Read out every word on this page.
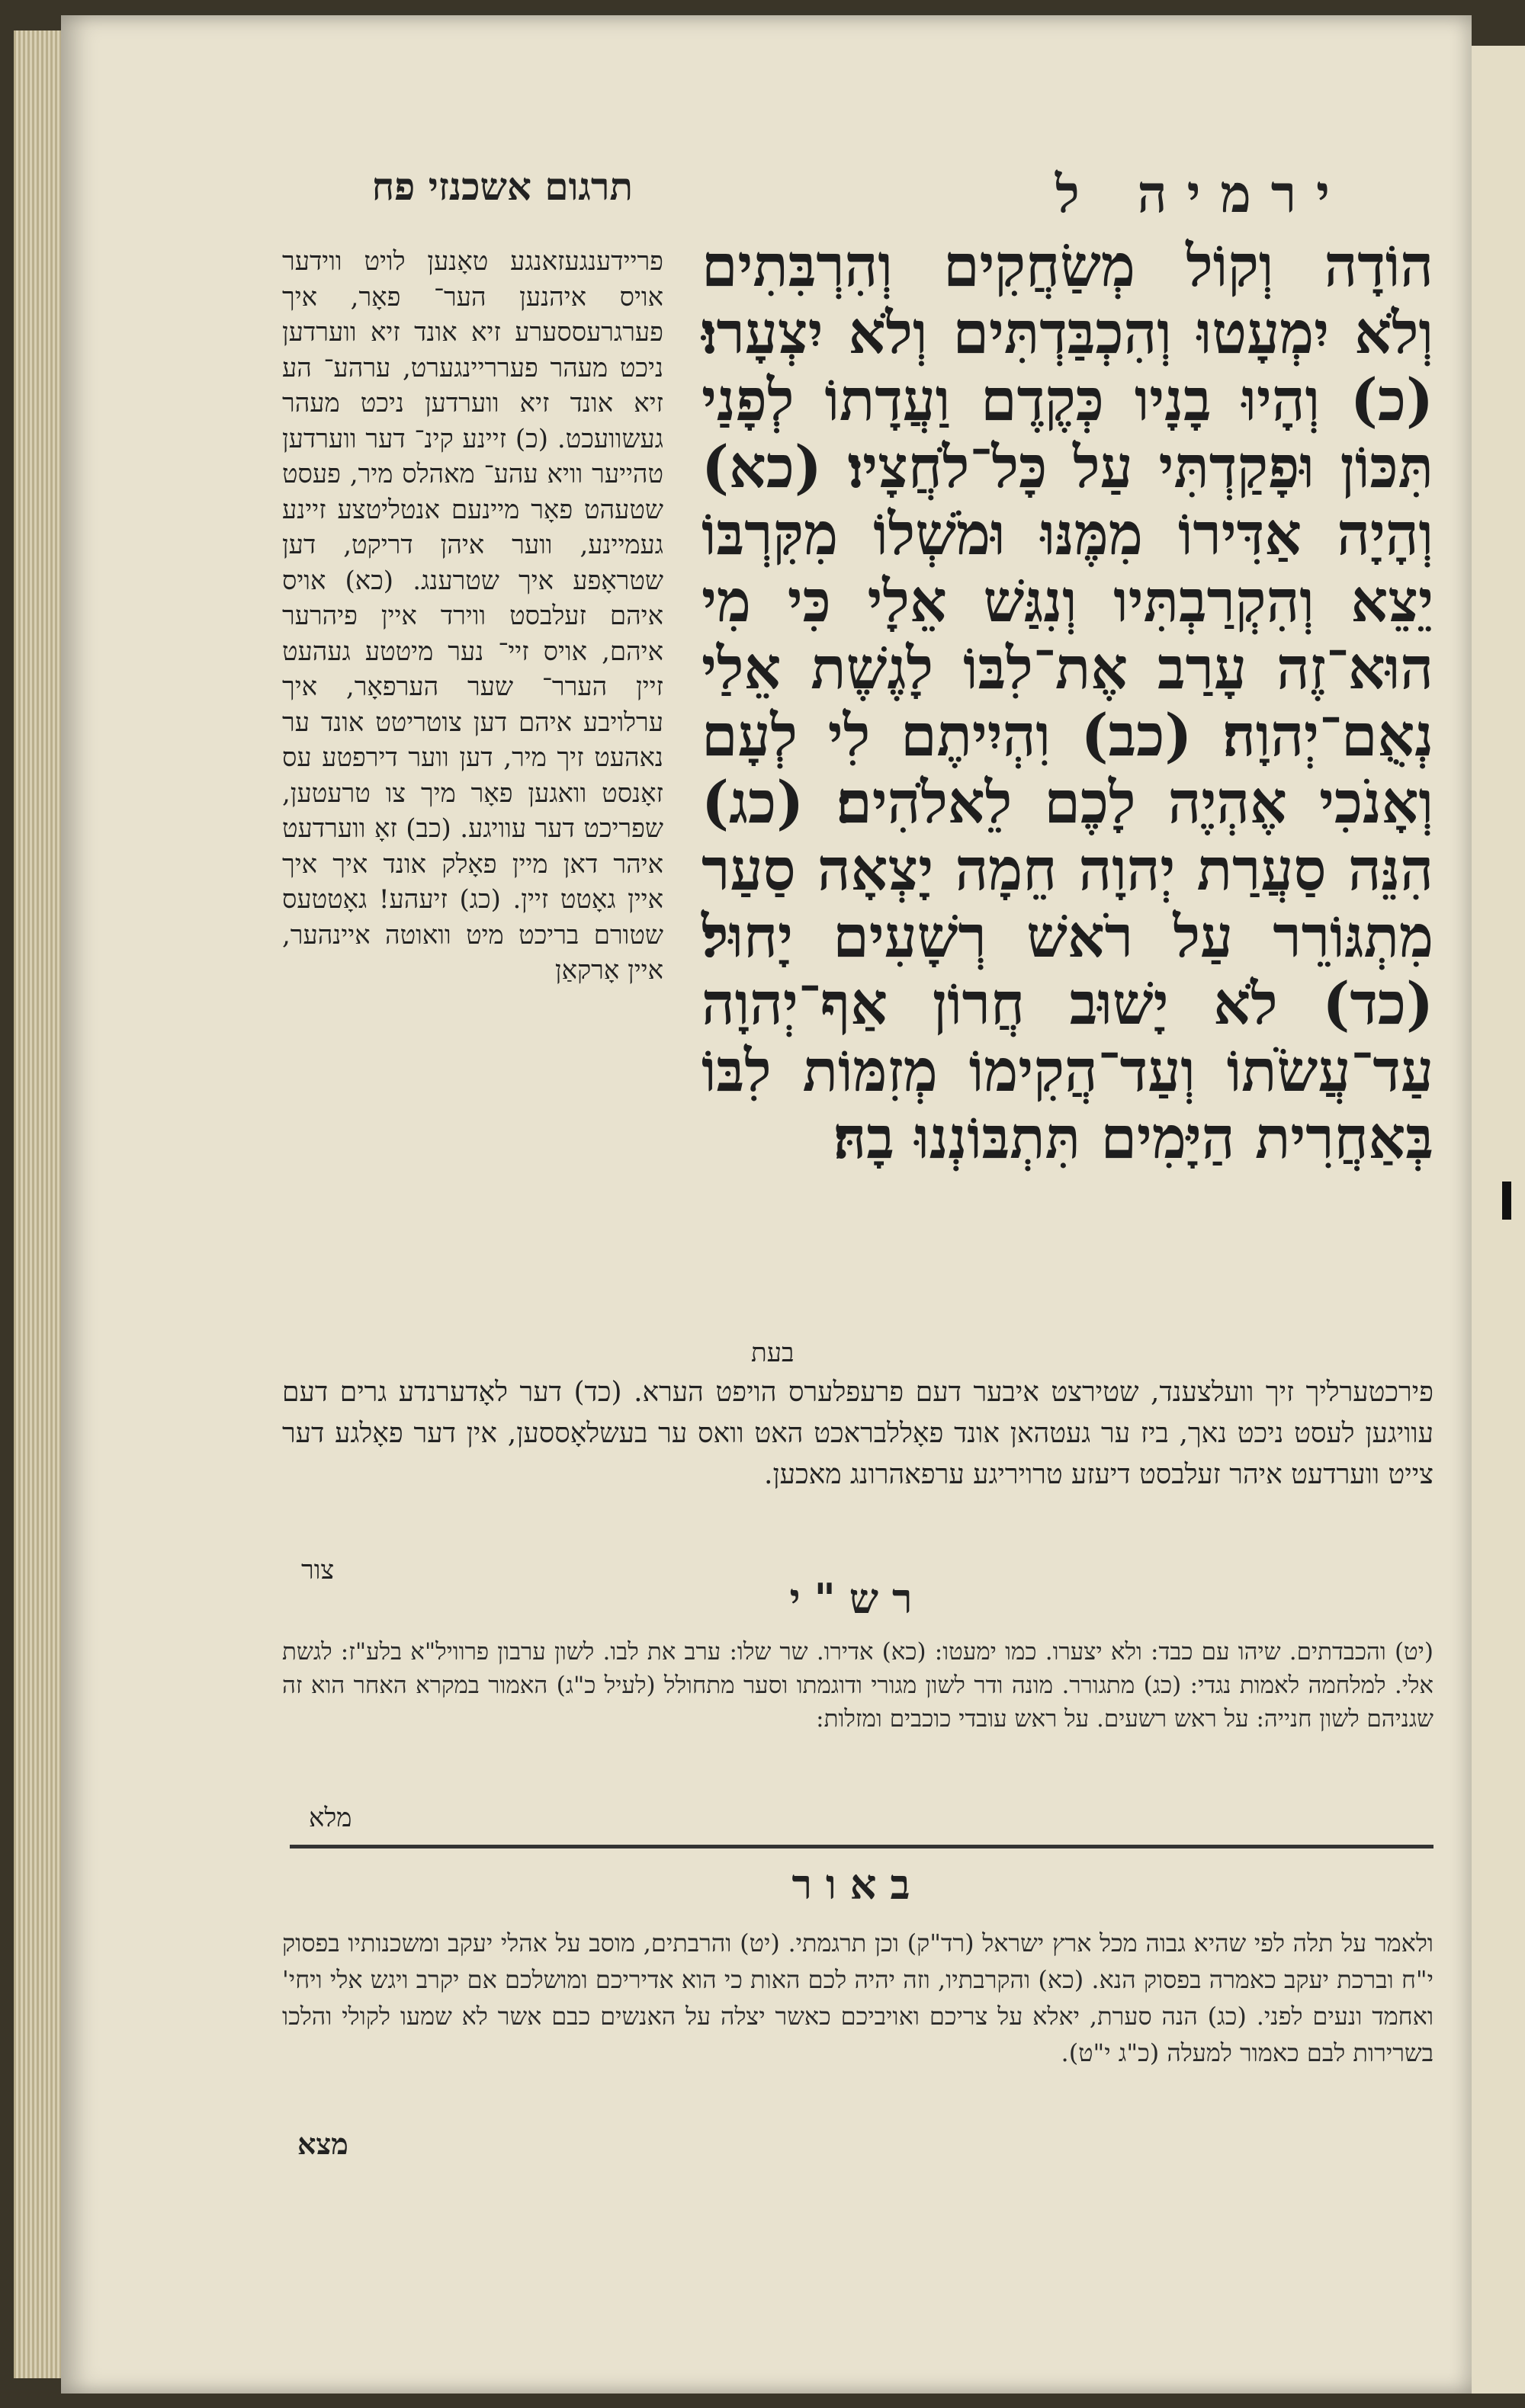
ירמיה ל
תרגום אשכנזי פח
הוֹדָה וְקוֹל מְשַׂחֲקִים וְהִרְבִּתִים וְלֹא יִמְעָטוּ וְהִכְבַּדְתִּים וְלֹא יִצְעָרוּ׃ (כ) וְהָיוּ בָנָיו כְּקֶדֶם וַעֲדָתוֹ לְפָנַי תִּכּוֹן וּפָקַדְתִּי עַל כָּל־לֹחֲצָיו׃ (כא) וְהָיָה אַדִּירוֹ מִמֶּנּוּ וּמֹשְׁלוֹ מִקִּרְבּוֹ יֵצֵא וְהִקְרַבְתִּיו וְנִגַּשׁ אֵלָי כִּי מִי הוּא־זֶה עָרַב אֶת־לִבּוֹ לָגֶשֶׁת אֵלַי נְאֻם־יְהוָה׃ (כב) וִהְיִיתֶם לִי לְעָם וְאָנֹכִי אֶהְיֶה לָכֶם לֵאלֹהִים׃ (כג) הִנֵּה סַעֲרַת יְהוָה חֵמָה יָצְאָה סַעַר מִתְגּוֹרֵר עַל רֹאשׁ רְשָׁעִים יָחוּל׃ (כד) לֹא יָשׁוּב חֲרוֹן אַף־יְהוָה עַד־עֲשֹׂתוֹ וְעַד־הֲקִימוֹ מְזִמּוֹת לִבּוֹ בְּאַחֲרִית הַיָּמִים תִּתְבּוֹנְנוּ בָהּ׃
פריידענגעזאנגע טאָנען לויט ווידער אויס איהנען הער־ פאָר, איך פערגרעססערע זיא אונד זיא ווערדען ניכט מעהר פערריינגערט, ערהע־ הע זיא אונד זיא ווערדען ניכט מעהר געשוועכט. (כ) זיינע קינ־ דער ווערדען טהייער וויא עהע־ מאהלס מיר, פעסט שטעהט פאָר מיינעם אנטליטצע זיינע געמיינע, ווער איהן דריקט, דען שטראָפע איך שטרענג. (כא) אויס איהם זעלבסט ווירד איין פיהרער איהם, אויס זיי־ נער מיטטע געהעט זיין הערר־ שער הערפאָר, איך ערלויבע איהם דען צוטריטט אונד ער נאהעט זיך מיר, דען ווער דירפטע עס זאָנסט וואגען פאָר מיך צו טרעטען, שפריכט דער עוויגע. (כב) זאָ ווערדעט איהר דאן מיין פאָלק אונד איך איך איין גאָטט זיין. (כג) זיעהע! גאָטטעס שטורם בריכט מיט וואוטה איינהער, איין אָרקאַן
בעת
פירכטערליך זיך וועלצענד, שטירצט איבער דעם פרעפלערס הויפט הערא. (כד) דער לאָדערנדע גרים דעם עוויגען לעסט ניכט נאך, ביז ער געטהאן אונד פאָללבראכט האט וואס ער בעשלאָססען, אין דער פאָלגע דער צייט ווערדעט איהר זעלבסט דיעזע טרויריגע ערפאהרונג מאכען.
צור
רש"י
(יט) והכבדתים. שיהו עם כבד: ולא יצערו. כמו ימעטו: (כא) אדירו. שר שלו: ערב את לבו. לשון ערבון פרוויל"א בלע"ז: לגשת אלי. למלחמה לאמות נגדי: (כג) מתגורר. מונה ודר לשון מגורי ודוגמתו וסער מתחולל (לעיל כ"ג) האמור במקרא האחר הוא זה שגניהם לשון חנייה: על ראש רשעים. על ראש עובדי כוכבים ומזלות:
מלא
באור
ולאמר על תלה לפי שהיא גבוה מכל ארץ ישראל (רד"ק) וכן תרגמתי. (יט) והרבתים, מוסב על אהלי יעקב ומשכנותיו בפסוק י"ח וברכת יעקב כאמרה בפסוק הנא. (כא) והקרבתיו, וזה יהיה לכם האות כי הוא אדיריכם ומושלכם אם יקרב ויגש אלי ויחי' ואחמד ונעים לפני. (כג) הנה סערת, יאלא על צריכם ואויביכם כאשר יצלה על האנשים כבם אשר לא שמעו לקולי והלכו בשרירות לבם כאמור למעלה (כ"ג י"ט).
מצא
